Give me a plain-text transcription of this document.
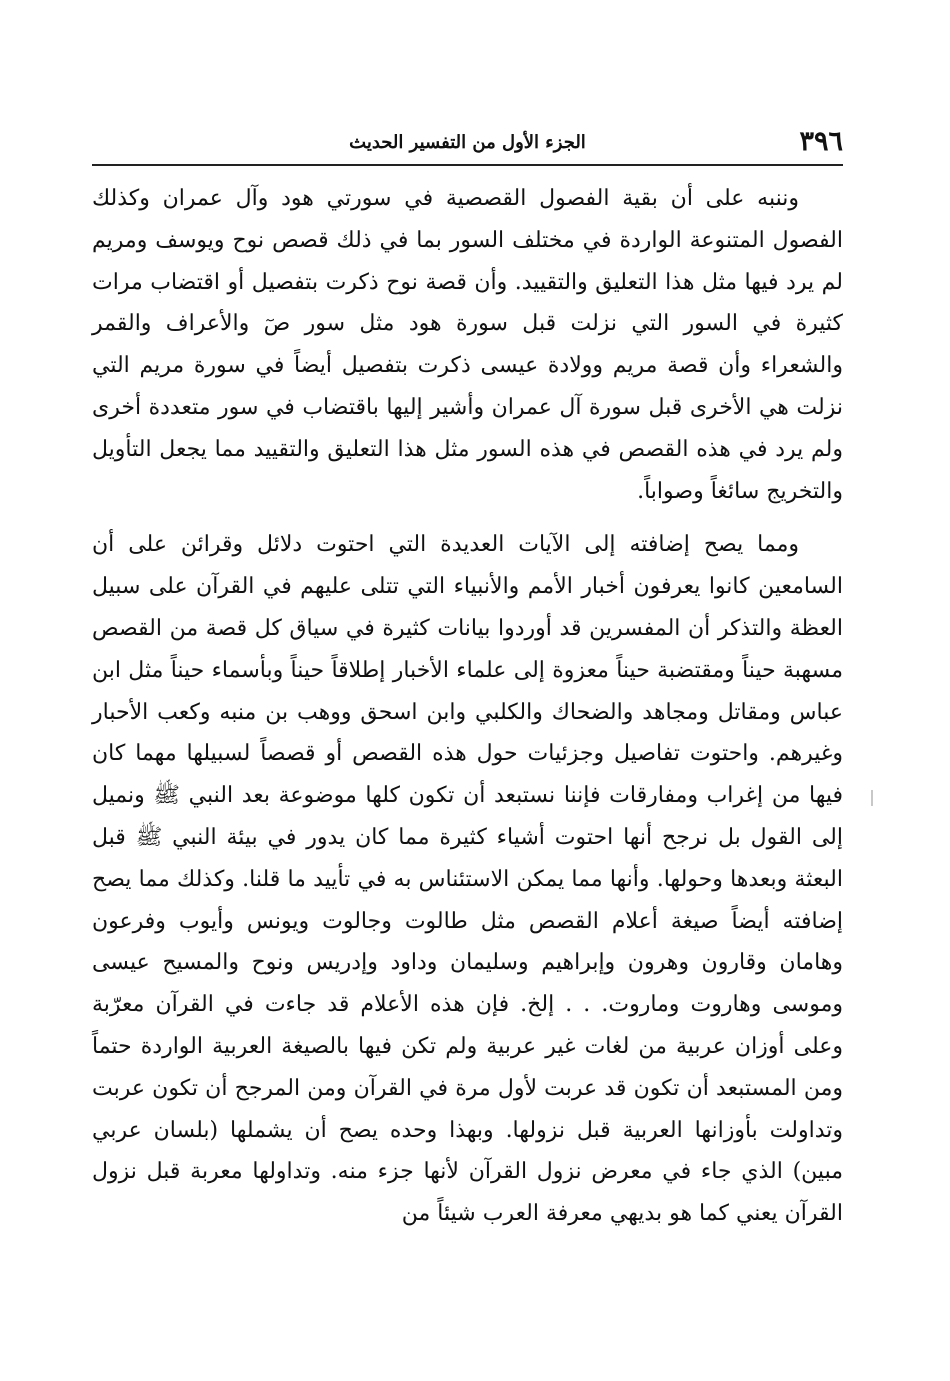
٣٩٦
الجزء الأول من التفسير الحديث

وننبه على أن بقية الفصول القصصية في سورتي هود وآل عمران وكذلك الفصول المتنوعة الواردة في مختلف السور بما في ذلك قصص نوح ويوسف ومريم لم يرد فيها مثل هذا التعليق والتقييد. وأن قصة نوح ذكرت بتفصيل أو اقتضاب مرات كثيرة في السور التي نزلت قبل سورة هود مثل سور صٓ والأعراف والقمر والشعراء وأن قصة مريم وولادة عيسى ذكرت بتفصيل أيضاً في سورة مريم التي نزلت هي الأخرى قبل سورة آل عمران وأشير إليها باقتضاب في سور متعددة أخرى ولم يرد في هذه القصص في هذه السور مثل هذا التعليق والتقييد مما يجعل التأويل والتخريج سائغاً وصواباً.

ومما يصح إضافته إلى الآيات العديدة التي احتوت دلائل وقرائن على أن السامعين كانوا يعرفون أخبار الأمم والأنبياء التي تتلى عليهم في القرآن على سبيل العظة والتذكر أن المفسرين قد أوردوا بيانات كثيرة في سياق كل قصة من القصص مسهبة حيناً ومقتضبة حيناً معزوة إلى علماء الأخبار إطلاقاً حيناً وبأسماء حيناً مثل ابن عباس ومقاتل ومجاهد والضحاك والكلبي وابن اسحق ووهب بن منبه وكعب الأحبار وغيرهم. واحتوت تفاصيل وجزئيات حول هذه القصص أو قصصاً لسبيلها مهما كان فيها من إغراب ومفارقات فإننا نستبعد أن تكون كلها موضوعة بعد النبي ﷺ ونميل إلى القول بل نرجح أنها احتوت أشياء كثيرة مما كان يدور في بيئة النبي ﷺ قبل البعثة وبعدها وحولها. وأنها مما يمكن الاستئناس به في تأييد ما قلنا. وكذلك مما يصح إضافته أيضاً صيغة أعلام القصص مثل طالوت وجالوت ويونس وأيوب وفرعون وهامان وقارون وهرون وإبراهيم وسليمان وداود وإدريس ونوح والمسيح عيسى وموسى وهاروت وماروت. . . إلخ. فإن هذه الأعلام قد جاءت في القرآن معرّبة وعلى أوزان عربية من لغات غير عربية ولم تكن فيها بالصيغة العربية الواردة حتماً ومن المستبعد أن تكون قد عربت لأول مرة في القرآن ومن المرجح أن تكون عربت وتداولت بأوزانها العربية قبل نزولها. وبهذا وحده يصح أن يشملها (بلسان عربي مبين) الذي جاء في معرض نزول القرآن لأنها جزء منه. وتداولها معربة قبل نزول القرآن يعني كما هو بديهي معرفة العرب شيئاً من
